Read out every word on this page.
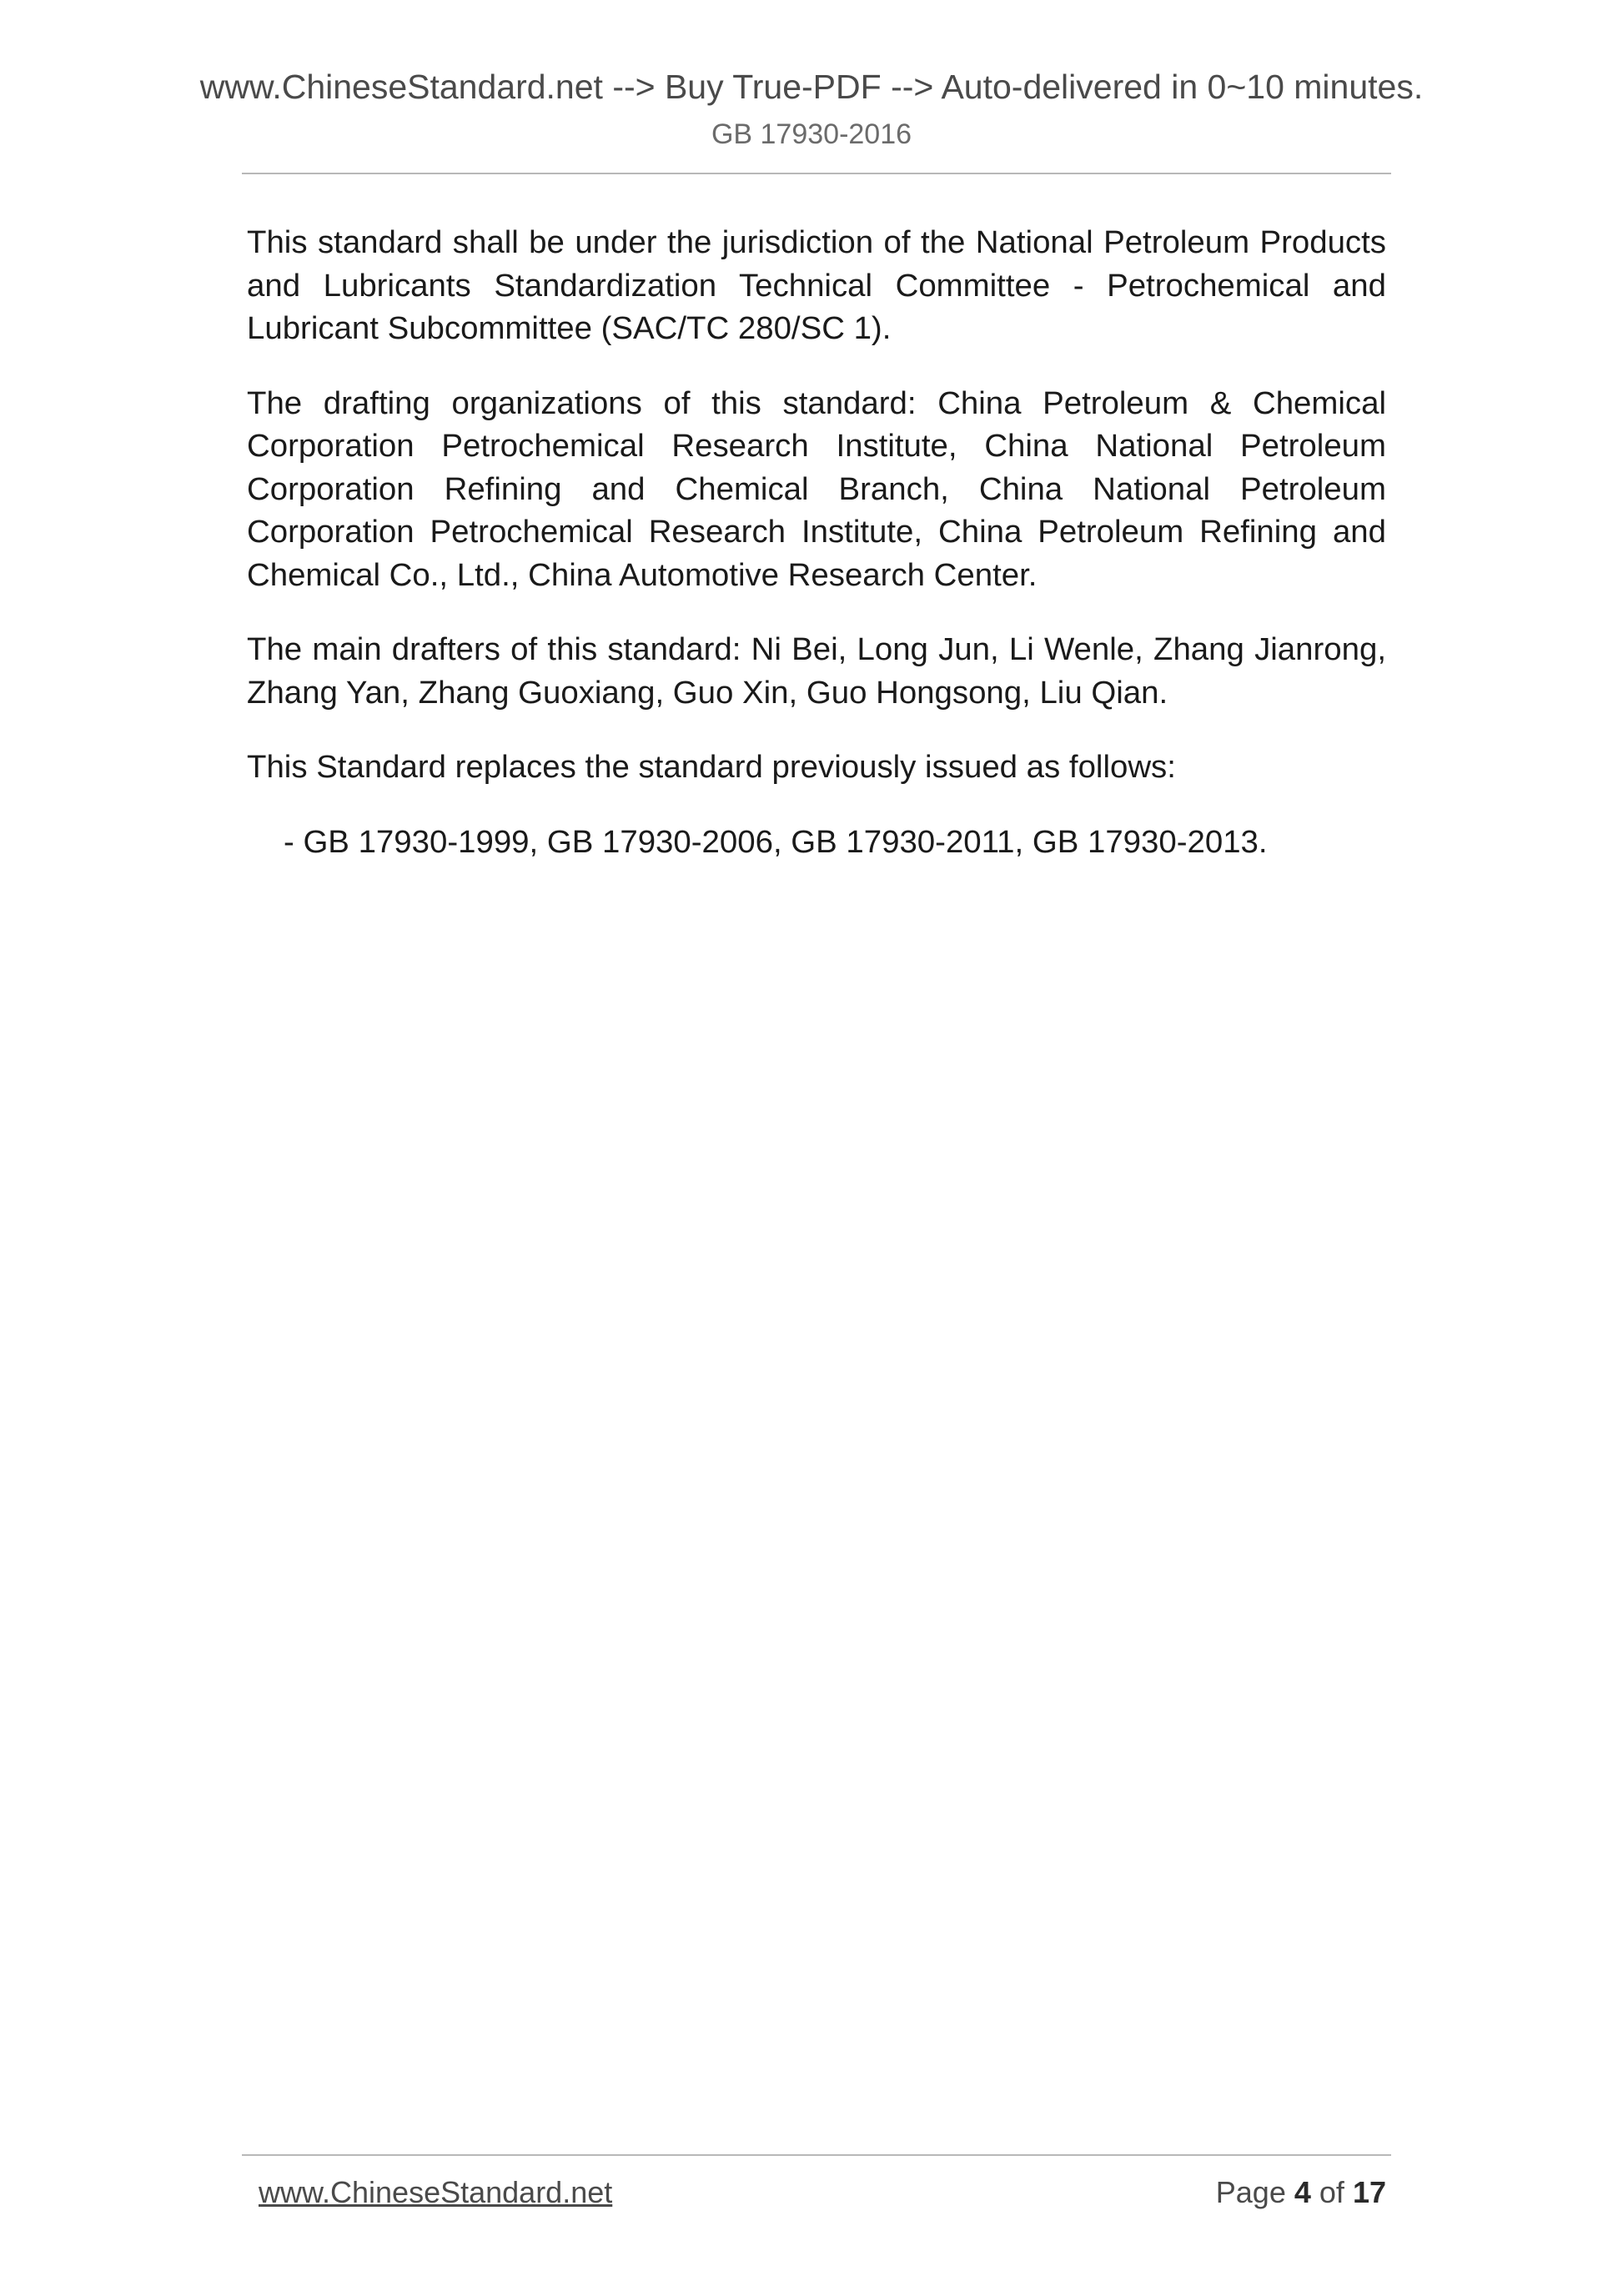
www.ChineseStandard.net --> Buy True-PDF --> Auto-delivered in 0~10 minutes.
GB 17930-2016

This standard shall be under the jurisdiction of the National Petroleum Products and Lubricants Standardization Technical Committee - Petrochemical and Lubricant Subcommittee (SAC/TC 280/SC 1).

The drafting organizations of this standard: China Petroleum & Chemical Corporation Petrochemical Research Institute, China National Petroleum Corporation Refining and Chemical Branch, China National Petroleum Corporation Petrochemical Research Institute, China Petroleum Refining and Chemical Co., Ltd., China Automotive Research Center.

The main drafters of this standard: Ni Bei, Long Jun, Li Wenle, Zhang Jianrong, Zhang Yan, Zhang Guoxiang, Guo Xin, Guo Hongsong, Liu Qian.

This Standard replaces the standard previously issued as follows:

- GB 17930-1999, GB 17930-2006, GB 17930-2011, GB 17930-2013.
www.ChineseStandard.net	Page 4 of 17
